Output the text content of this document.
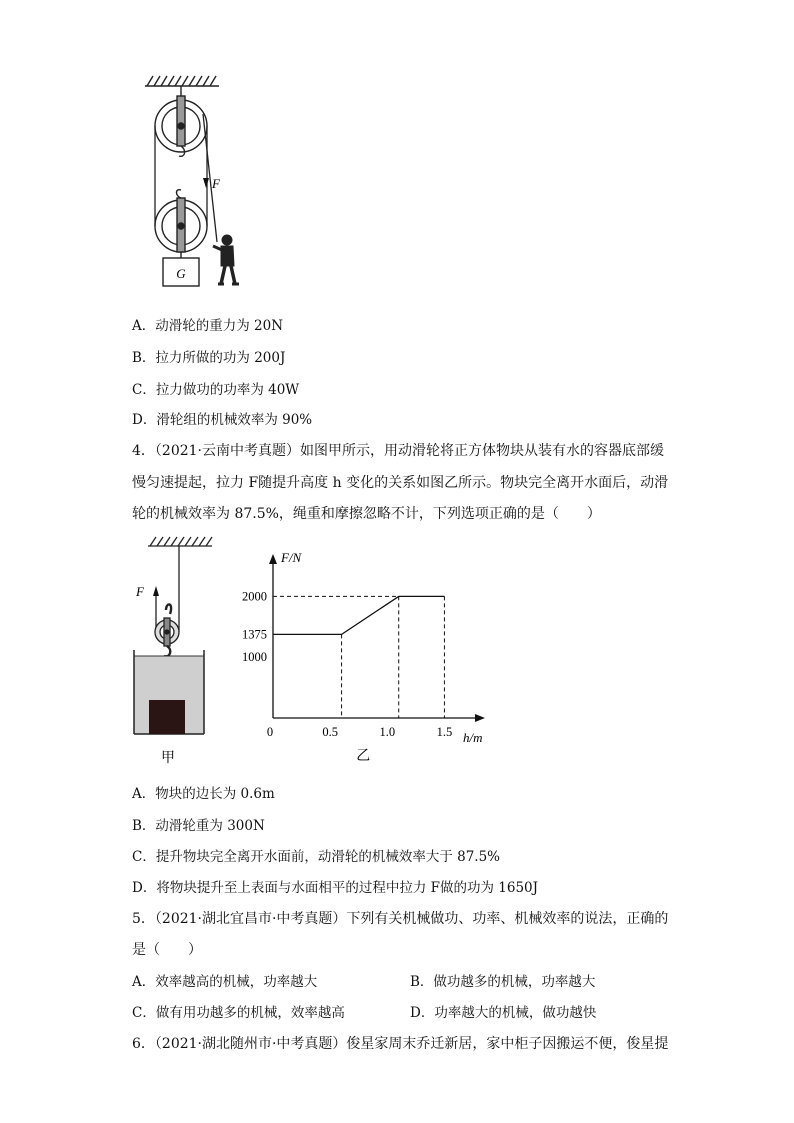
F
G
A．动滑轮的重力为 20N
B．拉力所做的功为 200J
C．拉力做功的功率为 40W
D．滑轮组的机械效率为 90%
4．（2021·云南中考真题）如图甲所示，用动滑轮将正方体物块从装有水的容器底部缓
慢匀速提起，拉力 F随提升高度 h 变化的关系如图乙所示。物块完全离开水面后，动滑
轮的机械效率为 87.5%，绳重和摩擦忽略不计，下列选项正确的是（　　）
F
甲
F/N
h/m
0	0.5	1.0	1.5
1000
1375
2000
乙
A．物块的边长为 0.6m
B．动滑轮重为 300N
C．提升物块完全离开水面前，动滑轮的机械效率大于 87.5%
D．将物块提升至上表面与水面相平的过程中拉力 F做的功为 1650J
5．（2021·湖北宜昌市·中考真题）下列有关机械做功、功率、机械效率的说法，正确的
是（　　）
A．效率越高的机械，功率越大	B．做功越多的机械，功率越大
C．做有用功越多的机械，效率越高	D．功率越大的机械，做功越快
6．（2021·湖北随州市·中考真题）俊星家周末乔迁新居，家中柜子因搬运不便，俊星提
